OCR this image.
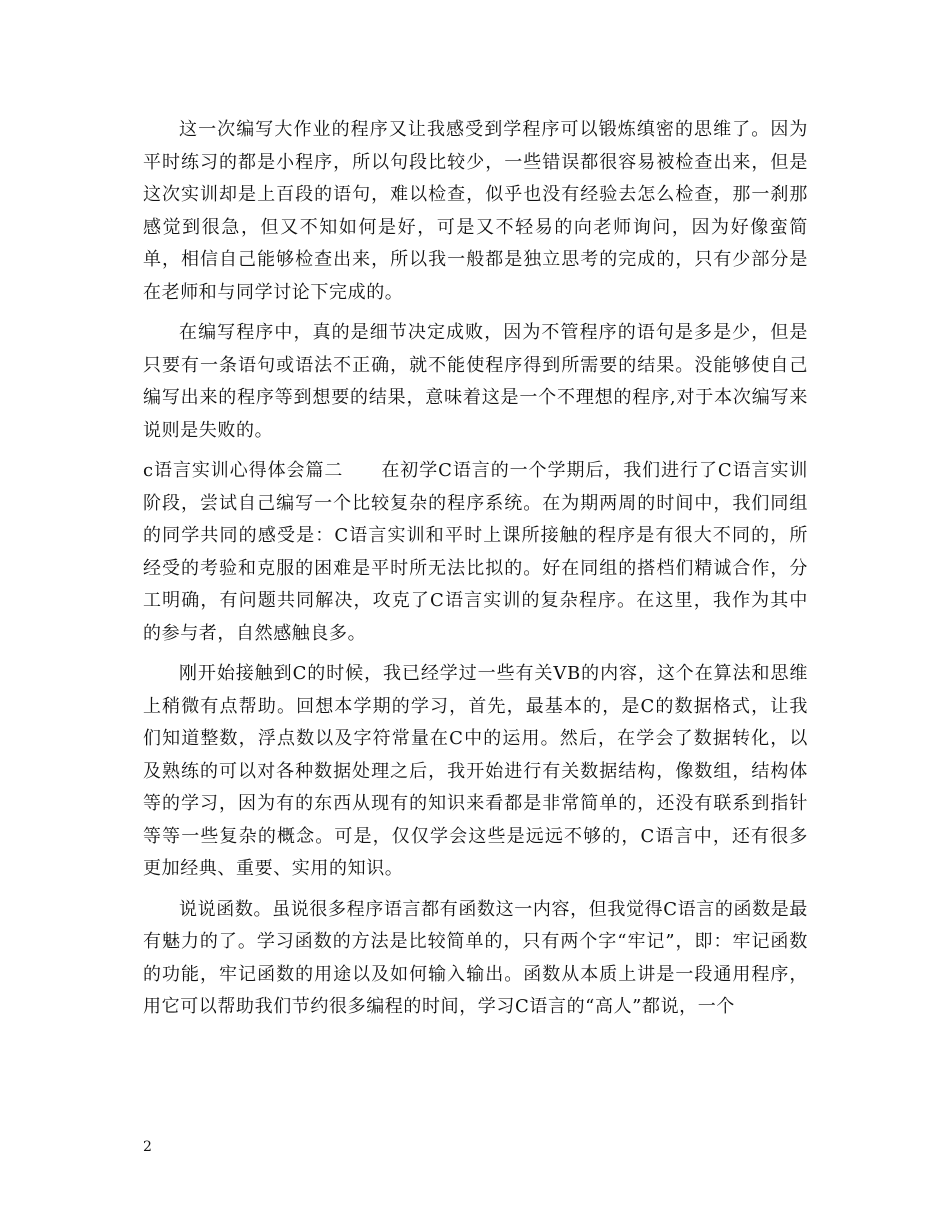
这一次编写大作业的程序又让我感受到学程序可以锻炼缜密的思维了。因为平时练习的都是小程序，所以句段比较少，一些错误都很容易被检查出来，但是这次实训却是上百段的语句，难以检查，似乎也没有经验去怎么检查，那一刹那感觉到很急，但又不知如何是好，可是又不轻易的向老师询问，因为好像蛮简单，相信自己能够检查出来，所以我一般都是独立思考的完成的，只有少部分是在老师和与同学讨论下完成的。

在编写程序中，真的是细节决定成败，因为不管程序的语句是多是少，但是只要有一条语句或语法不正确，就不能使程序得到所需要的结果。没能够使自己编写出来的程序等到想要的结果，意味着这是一个不理想的程序,对于本次编写来说则是失败的。

c语言实训心得体会篇二 在初学C语言的一个学期后，我们进行了C语言实训阶段，尝试自己编写一个比较复杂的程序系统。在为期两周的时间中，我们同组的同学共同的感受是：C语言实训和平时上课所接触的程序是有很大不同的，所经受的考验和克服的困难是平时所无法比拟的。好在同组的搭档们精诚合作，分工明确，有问题共同解决，攻克了C语言实训的复杂程序。在这里，我作为其中的参与者，自然感触良多。

刚开始接触到C的时候，我已经学过一些有关VB的内容，这个在算法和思维上稍微有点帮助。回想本学期的学习，首先，最基本的，是C的数据格式，让我们知道整数，浮点数以及字符常量在C中的运用。然后，在学会了数据转化，以及熟练的可以对各种数据处理之后，我开始进行有关数据结构，像数组，结构体等的学习，因为有的东西从现有的知识来看都是非常简单的，还没有联系到指针等等一些复杂的概念。可是，仅仅学会这些是远远不够的，C语言中，还有很多更加经典、重要、实用的知识。

说说函数。虽说很多程序语言都有函数这一内容，但我觉得C语言的函数是最有魅力的了。学习函数的方法是比较简单的，只有两个字“牢记”，即：牢记函数的功能，牢记函数的用途以及如何输入输出。函数从本质上讲是一段通用程序，用它可以帮助我们节约很多编程的时间，学习C语言的“高人”都说，一个

2
